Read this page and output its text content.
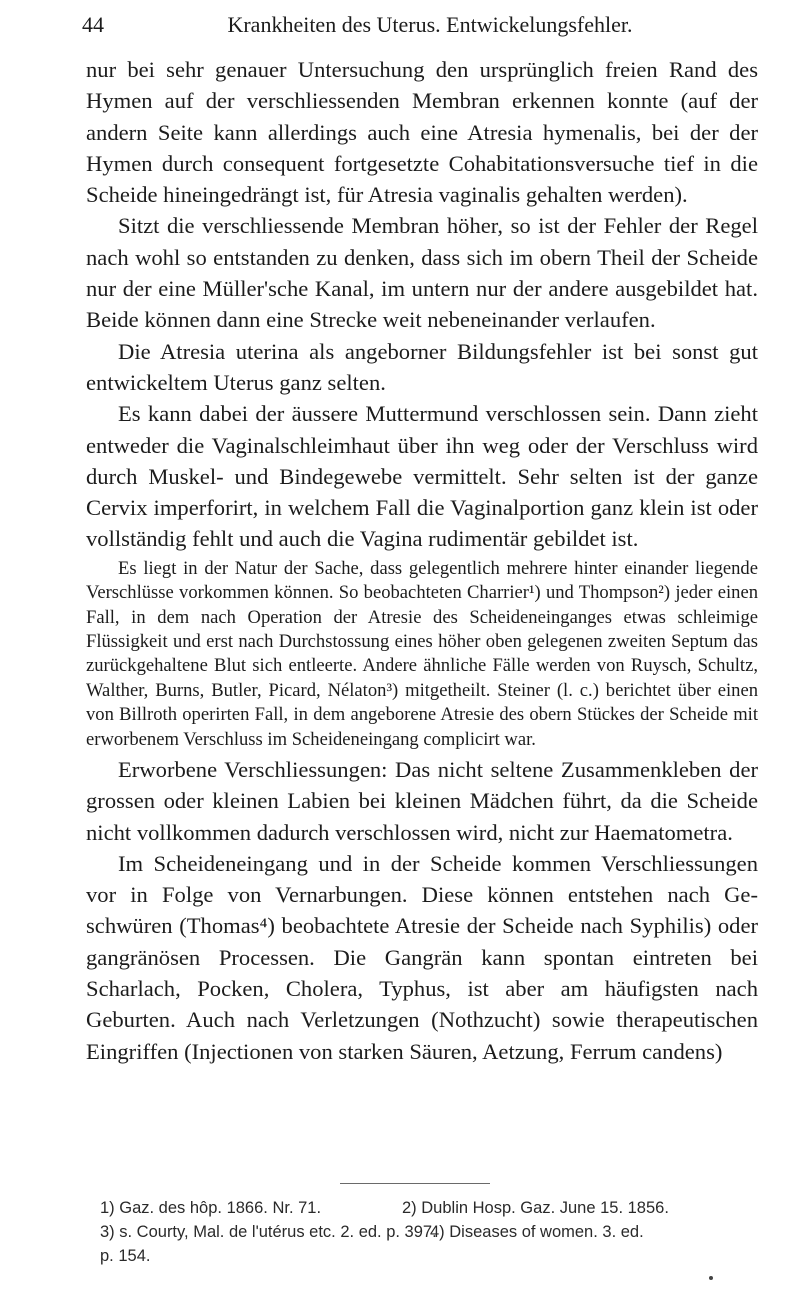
44	Krankheiten des Uterus. Entwickelungsfehler.

nur bei sehr genauer Untersuchung den ursprünglich freien Rand des Hymen auf der verschliessenden Membran erkennen konnte (auf der andern Seite kann allerdings auch eine Atresia hymenalis, bei der der Hymen durch consequent fortgesetzte Cohabitationsversuche tief in die Scheide hineingedrängt ist, für Atresia vaginalis gehalten werden).

Sitzt die verschliessende Membran höher, so ist der Fehler der Regel nach wohl so entstanden zu denken, dass sich im obern Theil der Scheide nur der eine Müller'sche Kanal, im untern nur der andere ausgebildet hat. Beide können dann eine Strecke weit nebeneinander verlaufen.

Die Atresia uterina als angeborner Bildungsfehler ist bei sonst gut entwickeltem Uterus ganz selten.

Es kann dabei der äussere Muttermund verschlossen sein. Dann zieht entweder die Vaginalschleimhaut über ihn weg oder der Verschluss wird durch Muskel- und Bindegewebe vermittelt. Sehr selten ist der ganze Cervix imperforirt, in welchem Fall die Vaginalportion ganz klein ist oder vollständig fehlt und auch die Vagina rudimentär gebildet ist.

Es liegt in der Natur der Sache, dass gelegentlich mehrere hinter einander liegende Verschlüsse vorkommen können. So beobachteten Charrier¹) und Thompson²) jeder einen Fall, in dem nach Operation der Atresie des Scheideneinganges etwas schleimige Flüssigkeit und erst nach Durchstossung eines höher oben gelegenen zweiten Septum das zurückgehaltene Blut sich entleerte. Andere ähnliche Fälle werden von Ruysch, Schultz, Walther, Burns, Butler, Picard, Nélaton³) mitgetheilt. Steiner (l. c.) berichtet über einen von Billroth operirten Fall, in dem angeborene Atresie des obern Stückes der Scheide mit erworbenem Verschluss im Scheideneingang complicirt war.

Erworbene Verschliessungen: Das nicht seltene Zusammenkleben der grossen oder kleinen Labien bei kleinen Mädchen führt, da die Scheide nicht vollkommen dadurch verschlossen wird, nicht zur Haematometra.

Im Scheideneingang und in der Scheide kommen Verschliessungen vor in Folge von Vernarbungen. Diese können entstehen nach Geschwüren (Thomas⁴) beobachtete Atresie der Scheide nach Syphilis) oder gangränösen Processen. Die Gangrän kann spontan eintreten bei Scharlach, Pocken, Cholera, Typhus, ist aber am häufigsten nach Geburten. Auch nach Verletzungen (Nothzucht) sowie therapeutischen Eingriffen (Injectionen von starken Säuren, Aetzung, Ferrum candens)

1) Gaz. des hôp. 1866. Nr. 71.	2) Dublin Hosp. Gaz. June 15. 1856.
3) s. Courty, Mal. de l'utérus etc. 2. ed. p. 397.4) Diseases of women. 3. ed.
p. 154.
